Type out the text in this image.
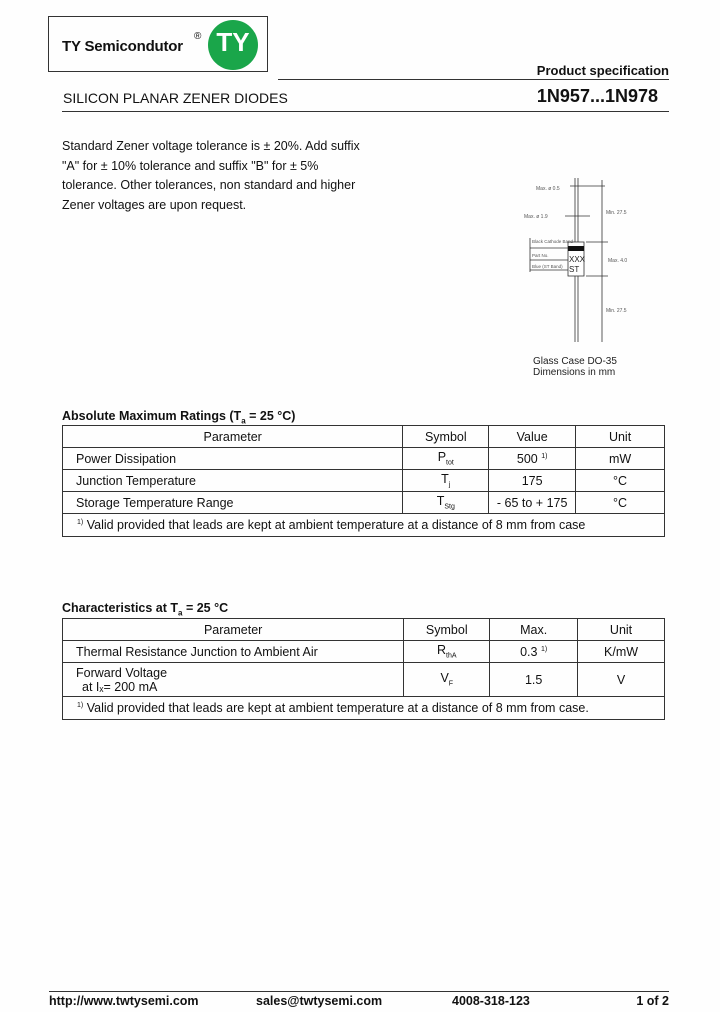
TY Semicondutor
® TY
Product specification
SILICON PLANAR ZENER DIODES	1N957...1N978
Standard Zener voltage tolerance is ± 20%. Add suffix
"A" for ± 10% tolerance and suffix "B" for ± 5%
tolerance. Other tolerances, non standard and higher
Zener voltages are upon request.
XXX
ST
Max. ø 0.5
Max. ø 1.9
Min. 27.5
Max. 4.0
Min. 27.5
Black Cathode Band
Part No.
Blue (ST Band)
Glass Case DO-35
Dimensions in mm
Absolute Maximum Ratings ($T_a = 25$ °C)
Parameter	Symbol	Value	Unit
Power Dissipation	$P_{tot}$	500 $^{1)}$	mW
Junction Temperature	$T_j$	175	°C
Storage Temperature Range	$T_{Stg}$	- 65 to + 175	°C
$^{1)}$ Valid provided that leads are kept at ambient temperature at a distance of 8 mm from case			
Characteristics at $T_a = 25$ °C
Parameter	Symbol	Max.	Unit
Thermal Resistance Junction to Ambient Air	$R_{thA}$	0.3 $^{1)}$	K/mW

Forward Voltage
at Iₓ= 200 mA	$V_F$	1.5	V
$^{1)}$ Valid provided that leads are kept at ambient temperature at a distance of 8 mm from case.			
http://www.twtysemi.com	sales@twtysemi.com	4008-318-123	1 of 2
